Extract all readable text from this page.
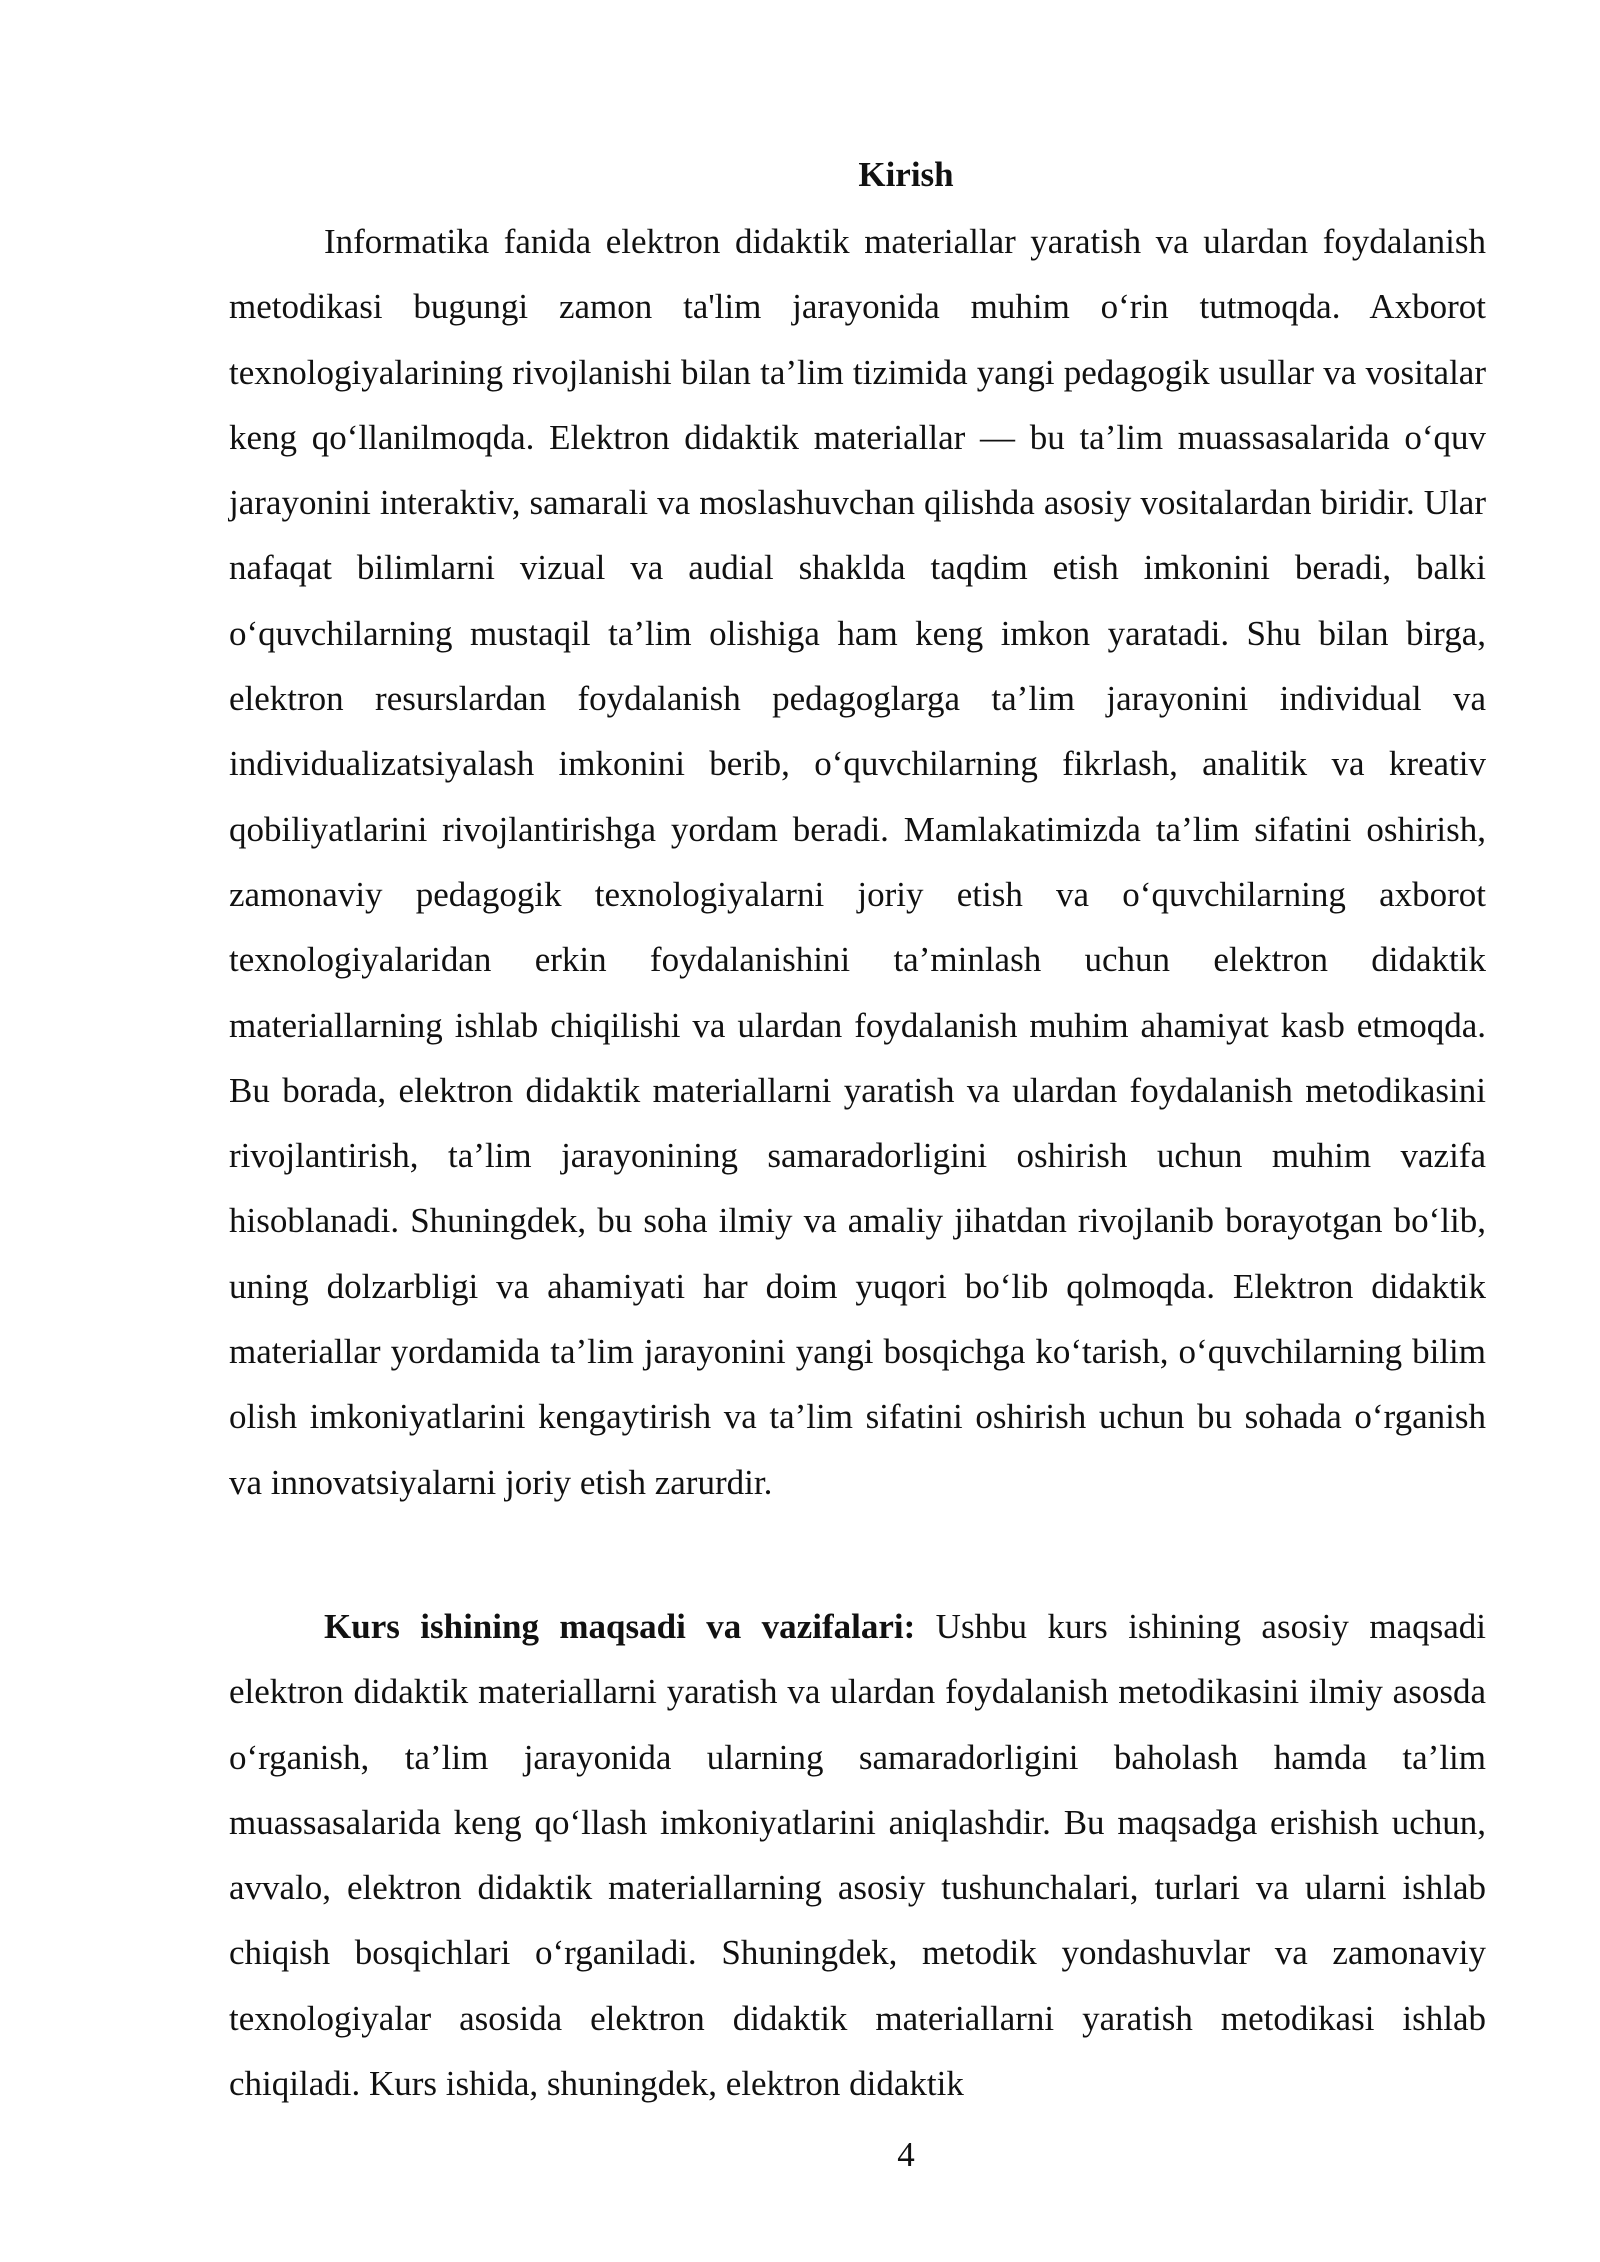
Kirish

Informatika fanida elektron didaktik materiallar yaratish va ulardan foydalanish metodikasi bugungi zamon ta'lim jarayonida muhim oʻrin tutmoqda. Axborot texnologiyalarining rivojlanishi bilan ta’lim tizimida yangi pedagogik usullar va vositalar keng qoʻllanilmoqda. Elektron didaktik materiallar — bu ta’lim muassasalarida oʻquv jarayonini interaktiv, samarali va moslashuvchan qilishda asosiy vositalardan biridir. Ular nafaqat bilimlarni vizual va audial shaklda taqdim etish imkonini beradi, balki oʻquvchilarning mustaqil ta’lim olishiga ham keng imkon yaratadi. Shu bilan birga, elektron resurslardan foydalanish pedagoglarga ta’lim jarayonini individual va individualizatsiyalash imkonini berib, oʻquvchilarning fikrlash, analitik va kreativ qobiliyatlarini rivojlantirishga yordam beradi. Mamlakatimizda ta’lim sifatini oshirish, zamonaviy pedagogik texnologiyalarni joriy etish va oʻquvchilarning axborot texnologiyalaridan erkin foydalanishini ta’minlash uchun elektron didaktik materiallarning ishlab chiqilishi va ulardan foydalanish muhim ahamiyat kasb etmoqda. Bu borada, elektron didaktik materiallarni yaratish va ulardan foydalanish metodikasini rivojlantirish, ta’lim jarayonining samaradorligini oshirish uchun muhim vazifa hisoblanadi. Shuningdek, bu soha ilmiy va amaliy jihatdan rivojlanib borayotgan boʻlib, uning dolzarbligi va ahamiyati har doim yuqori boʻlib qolmoqda. Elektron didaktik materiallar yordamida ta’lim jarayonini yangi bosqichga koʻtarish, oʻquvchilarning bilim olish imkoniyatlarini kengaytirish va ta’lim sifatini oshirish uchun bu sohada oʻrganish va innovatsiyalarni joriy etish zarurdir.

Kurs ishining maqsadi va vazifalari: Ushbu kurs ishining asosiy maqsadi elektron didaktik materiallarni yaratish va ulardan foydalanish metodikasini ilmiy asosda oʻrganish, ta’lim jarayonida ularning samaradorligini baholash hamda ta’lim muassasalarida keng qoʻllash imkoniyatlarini aniqlashdir. Bu maqsadga erishish uchun, avvalo, elektron didaktik materiallarning asosiy tushunchalari, turlari va ularni ishlab chiqish bosqichlari oʻrganiladi. Shuningdek, metodik yondashuvlar va zamonaviy texnologiyalar asosida elektron didaktik materiallarni yaratish metodikasi ishlab chiqiladi. Kurs ishida, shuningdek, elektron didaktik

4
